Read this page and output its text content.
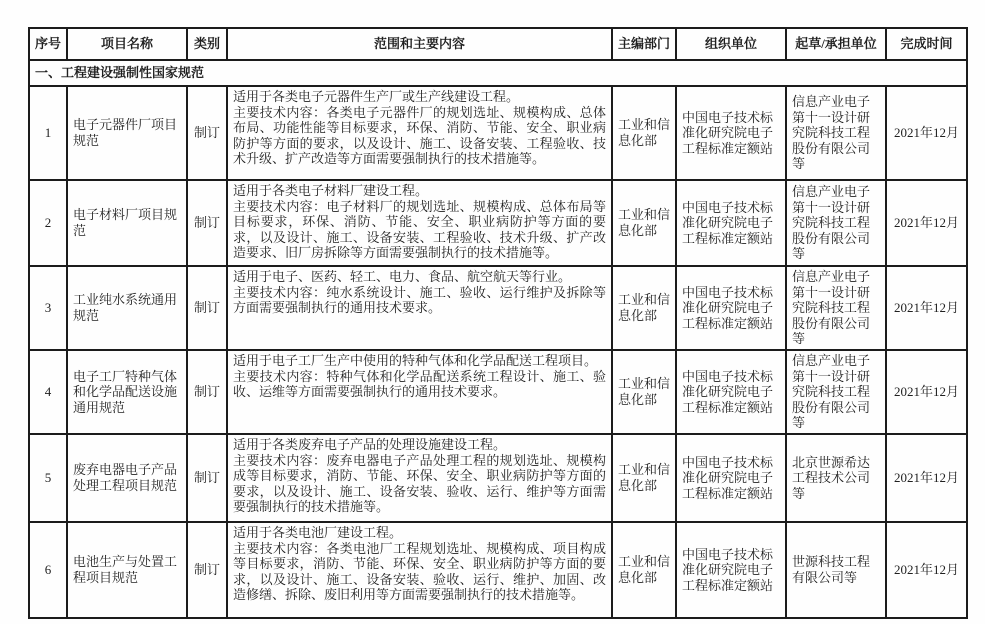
序号	项目名称	类别	范围和主要内容	主编部门	组织单位	起草/承担单位	完成时间
一、工程建设强制性国家规范							
1	电子元器件厂项目规范	制订	适用于各类电子元器件生产厂或生产线建设工程。
主要技术内容：各类电子元器件厂的规划选址、规模构成、总体布局、功能性能等目标要求，环保、消防、节能、安全、职业病防护等方面的要求，以及设计、施工、设备安装、工程验收、技术升级、扩产改造等方面需要强制执行的技术措施等。	工业和信息化部	中国电子技术标准化研究院电子工程标准定额站	信息产业电子第十一设计研究院科技工程股份有限公司等	2021年12月
2	电子材料厂项目规范	制订	适用于各类电子材料厂建设工程。
主要技术内容：电子材料厂的规划选址、规模构成、总体布局等目标要求，环保、消防、节能、安全、职业病防护等方面的要求，以及设计、施工、设备安装、工程验收、技术升级、扩产改造要求、旧厂房拆除等方面需要强制执行的技术措施等。	工业和信息化部	中国电子技术标准化研究院电子工程标准定额站	信息产业电子第十一设计研究院科技工程股份有限公司等	2021年12月
3	工业纯水系统通用规范	制订	适用于电子、医药、轻工、电力、食品、航空航天等行业。
主要技术内容：纯水系统设计、施工、验收、运行维护及拆除等方面需要强制执行的通用技术要求。	工业和信息化部	中国电子技术标准化研究院电子工程标准定额站	信息产业电子第十一设计研究院科技工程股份有限公司等	2021年12月
4	电子工厂特种气体和化学品配送设施通用规范	制订	适用于电子工厂生产中使用的特种气体和化学品配送工程项目。
主要技术内容：特种气体和化学品配送系统工程设计、施工、验收、运维等方面需要强制执行的通用技术要求。	工业和信息化部	中国电子技术标准化研究院电子工程标准定额站	信息产业电子第十一设计研究院科技工程股份有限公司等	2021年12月
5	废弃电器电子产品处理工程项目规范	制订	适用于各类废弃电子产品的处理设施建设工程。
主要技术内容：废弃电器电子产品处理工程的规划选址、规模构成等目标要求，消防、节能、环保、安全、职业病防护等方面的要求，以及设计、施工、设备安装、验收、运行、维护等方面需要强制执行的技术措施等。	工业和信息化部	中国电子技术标准化研究院电子工程标准定额站	北京世源希达工程技术公司等	2021年12月
6	电池生产与处置工程项目规范	制订	适用于各类电池厂建设工程。
主要技术内容：各类电池厂工程规划选址、规模构成、项目构成等目标要求，消防、节能、环保、安全、职业病防护等方面的要求，以及设计、施工、设备安装、验收、运行、维护、加固、改造修缮、拆除、废旧利用等方面需要强制执行的技术措施等。	工业和信息化部	中国电子技术标准化研究院电子工程标准定额站	世源科技工程有限公司等	2021年12月
